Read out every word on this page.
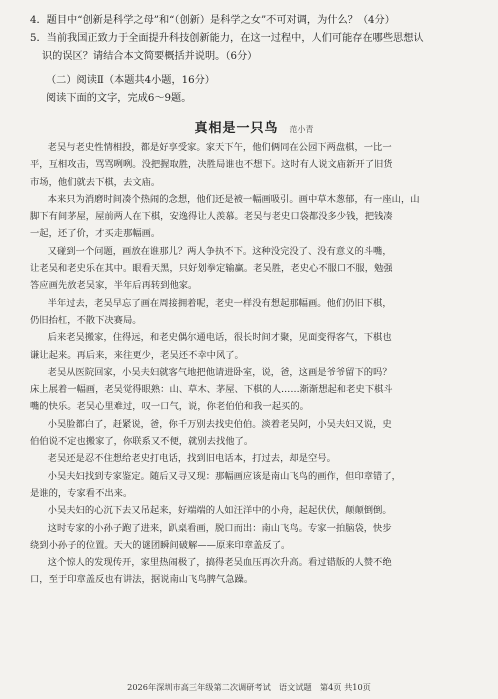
4．题目中“创新是科学之母”和“（创新）是科学之女”不可对调，为什么？（4分）

5．当前我国正致力于全面提升科技创新能力，在这一过程中，人们可能存在哪些思想认

识的误区？请结合本文简要概括并说明。（6分）

（二）阅读Ⅱ（本题共4小题，16分）

阅读下面的文字，完成6～9题。

真相是一只鸟 范小青

老吴与老史性情相投，都是好享受家。家天下午，他们俩同在公园下两盘棋，一比一

平，互相攻击，骂骂咧咧。没把握取胜，决胜局谁也不想下。这时有人说文庙新开了旧货

市场，他们就去下棋，去文庙。

本来只为消磨时间凑个热闹的念想，他们还是被一幅画吸引。画中草木葱郁，有一座山，山

脚下有间茅屋，屋前两人在下棋，安逸得让人羡慕。老吴与老史口袋都没多少钱，把钱凑

一起，还了价，才买走那幅画。

又碰到一个问题，画放在谁那儿？两人争执不下。这种没完没了、没有意义的斗嘴，

让老吴和老史乐在其中。眼看天黑，只好划拳定输赢。老吴胜，老史心不服口不服，勉强

答应画先放老吴家，半年后再转到他家。

半年过去，老吴早忘了画在周接拥着呢，老史一样没有想起那幅画。他们仍旧下棋，

仍旧抬杠，不散下决赛局。

后来老吴搬家，住得远，和老史偶尔通电话，很长时间才聚，见面变得客气，下棋也

谦让起来。再后来，来往更少，老吴还不幸中风了。

老吴从医院回家，小吴夫妇就客气地把他请进卧室，说，爸，这画是爷爷留下的吗？

床上展着一幅画，老吴觉得眼熟：山、草木、茅屋、下棋的人……渐渐想起和老史下棋斗

嘴的快乐。老吴心里难过，叹一口气，说，你老伯伯和我一起买的。

小吴脸都白了，赶紧说，爸，你千万别去找史伯伯。淡着老吴阿，小吴夫妇又说，史

伯伯说不定也搬家了，你联系又不便，就别去找他了。

老吴还是忍不住想给老史打电话，找到旧电话本，打过去，却是空号。

小吴夫妇找到专家鉴定。随后又寻又现：那幅画应该是南山飞鸟的画作，但印章错了，

是谁的，专家看不出来。

小吴夫妇的心沉下去又吊起来，好端端的人如汪洋中的小舟，起起伏伏，颠颠倒倒。

这时专家的小孙子跑了进来，趴桌看画，脱口而出：南山飞鸟。专家一拍脑袋，快步

绕到小孙子的位置。天大的谜团瞬间破解——原来印章盖反了。

这个惊人的发现传开，家里热闹极了，搞得老吴血压再次升高。看过错版的人赞不绝

口，至于印章盖反也有讲法，据说南山飞鸟脾气急躁。

2026年深圳市高三年级第二次调研考试　语文试题　第4页 共10页
